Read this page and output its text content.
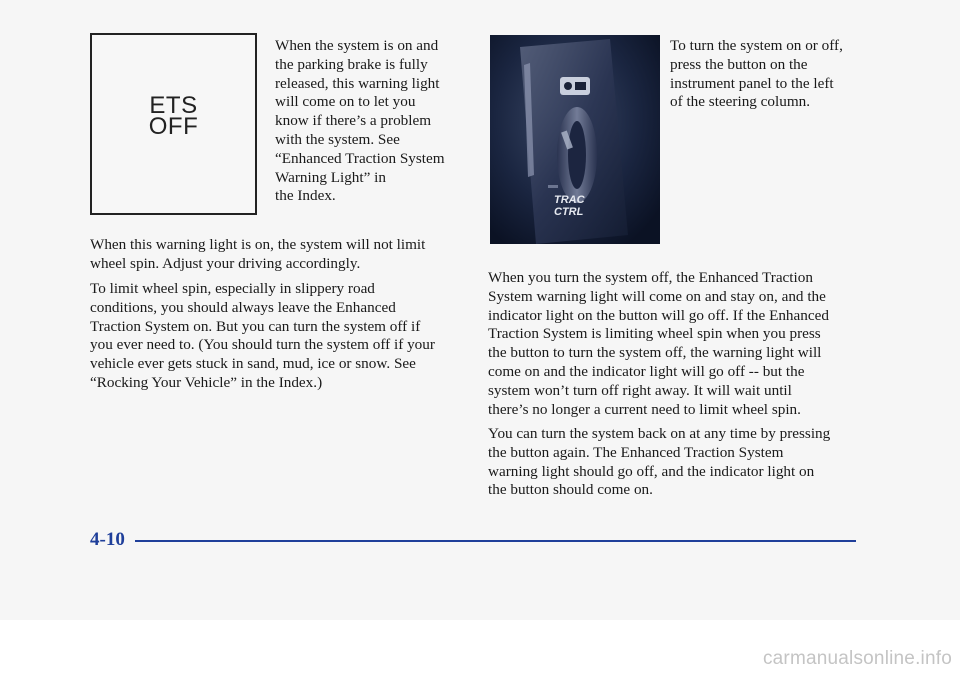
ETS
OFF

When the system is on and

the parking brake is fully

released, this warning light

will come on to let you

know if there’s a problem

with the system. See

“Enhanced Traction System

Warning Light” in

the Index.

When this warning light is on, the system will not limit

wheel spin. Adjust your driving accordingly.

To limit wheel spin, especially in slippery road

conditions, you should always leave the Enhanced

Traction System on. But you can turn the system off if

you ever need to. (You should turn the system off if your

vehicle ever gets stuck in sand, mud, ice or snow. See

“Rocking Your Vehicle” in the Index.)

TRAC
CTRL

To turn the system on or off,

press the button on the

instrument panel to the left

of the steering column.

When you turn the system off, the Enhanced Traction

System warning light will come on and stay on, and the

indicator light on the button will go off. If the Enhanced

Traction System is limiting wheel spin when you press

the button to turn the system off, the warning light will

come on and the indicator light will go off -- but the

system won’t turn off right away. It will wait until

there’s no longer a current need to limit wheel spin.

You can turn the system back on at any time by pressing

the button again. The Enhanced Traction System

warning light should go off, and the indicator light on

the button should come on.

4-10
carmanualsonline.info
